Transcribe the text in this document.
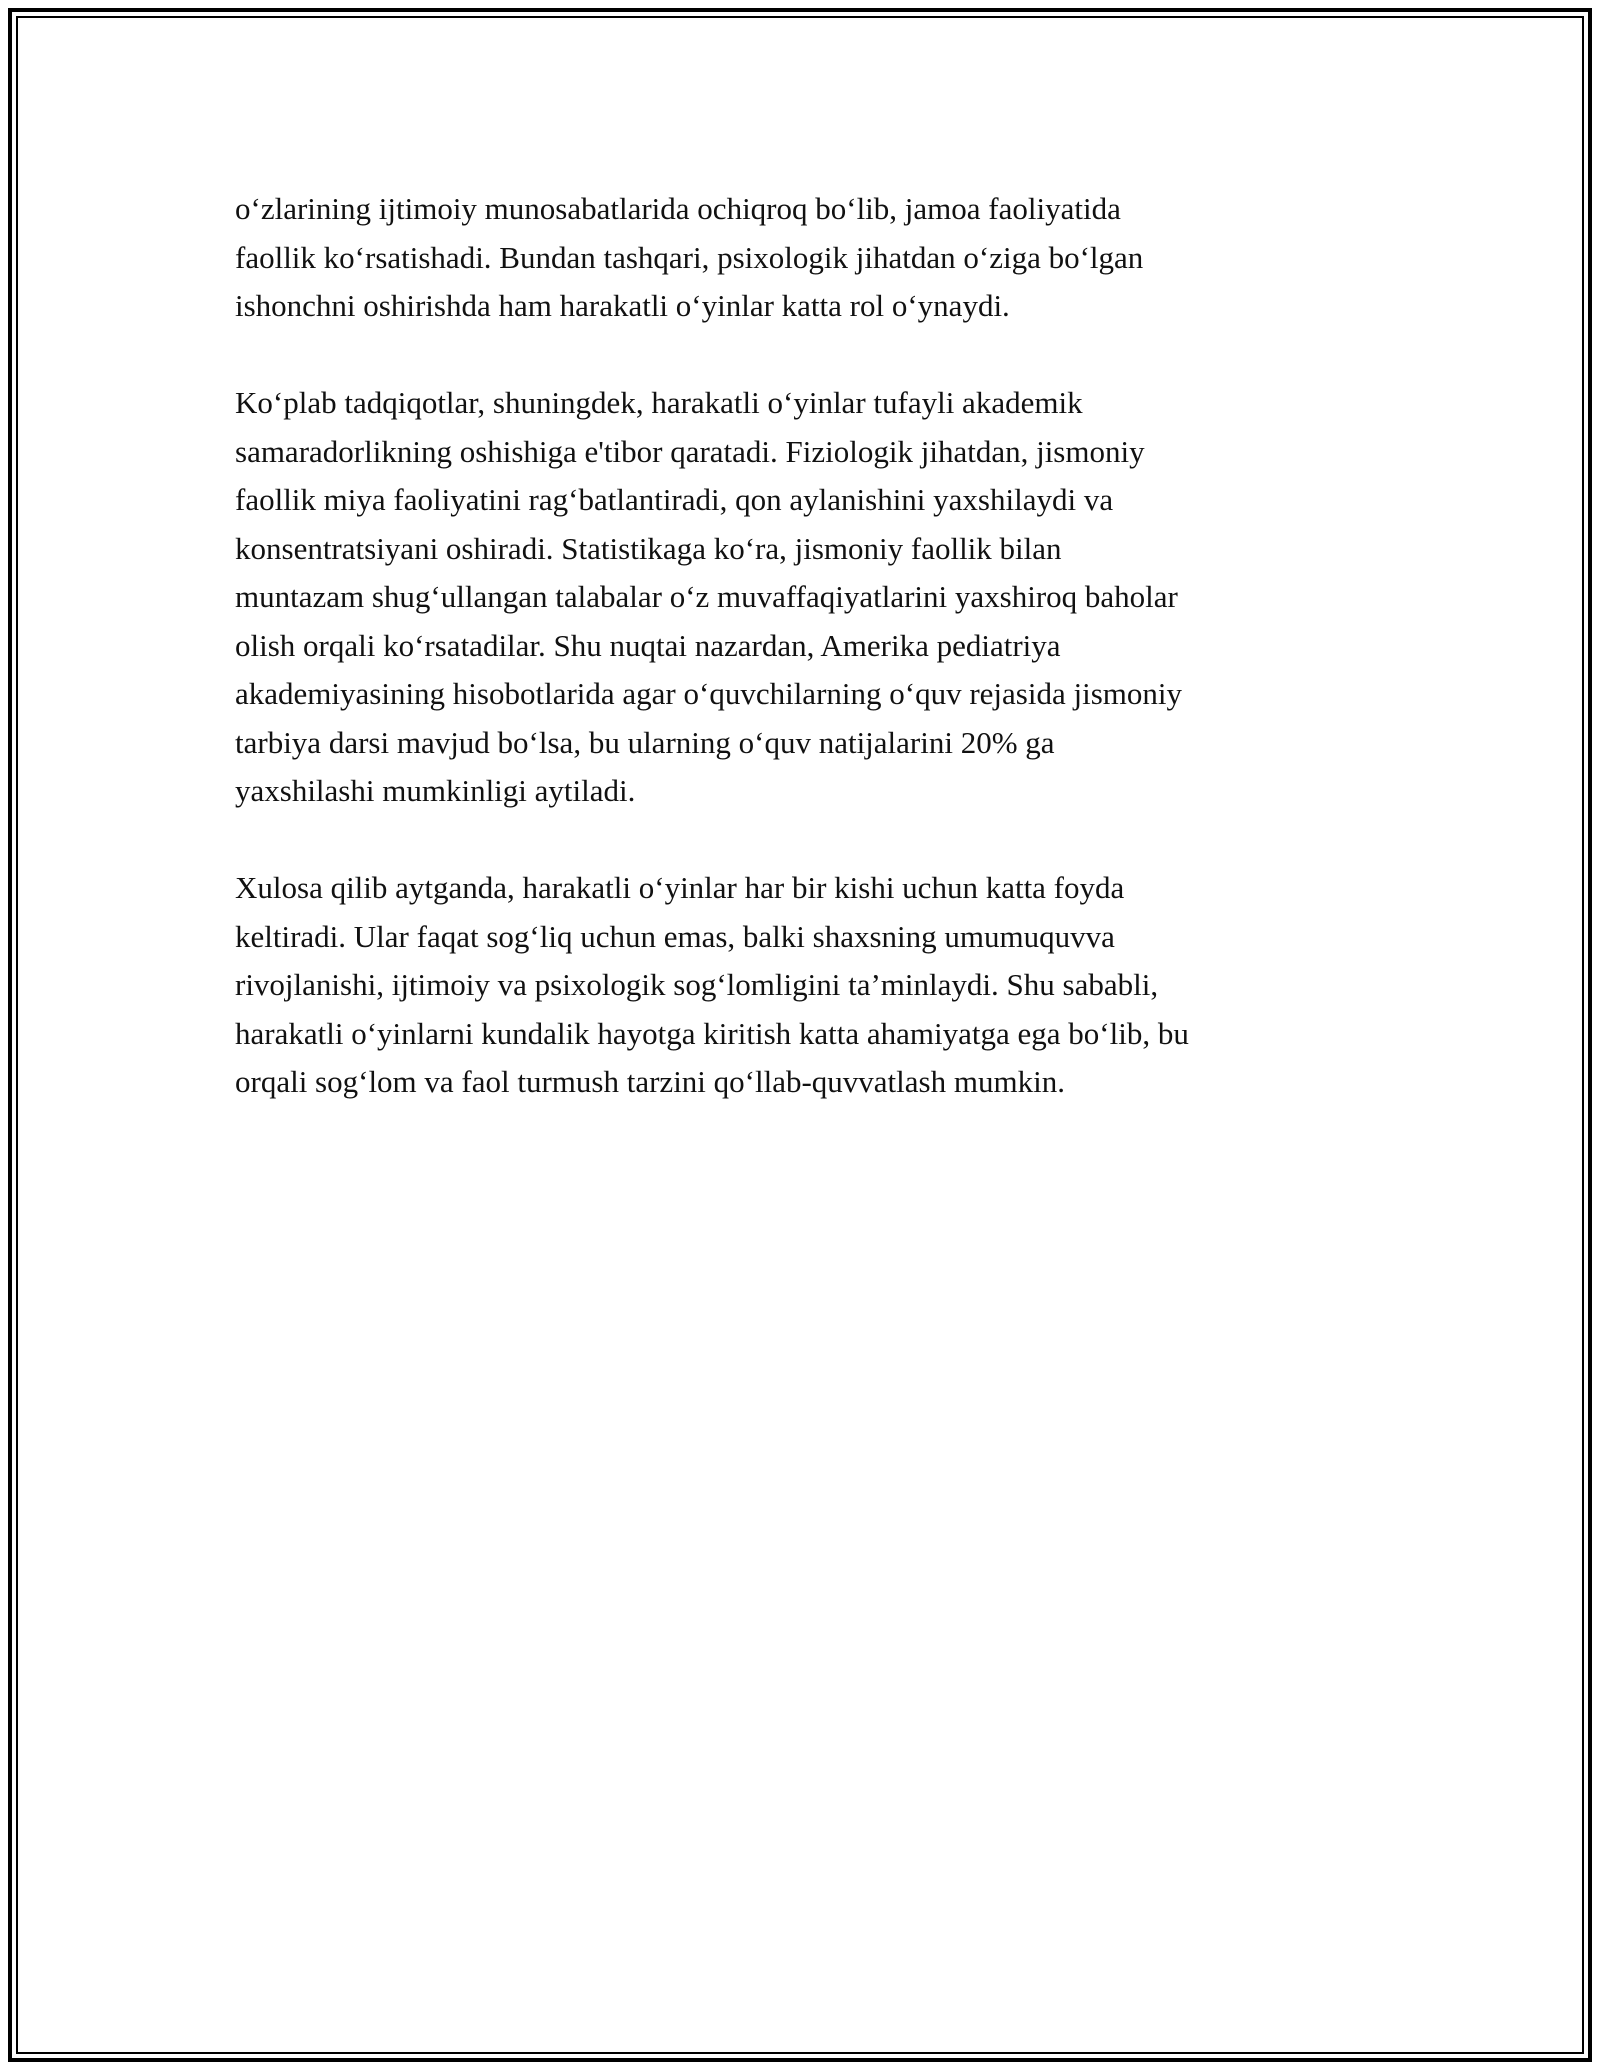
o‘zlarining ijtimoiy munosabatlarida ochiqroq bo‘lib, jamoa faoliyatida
faollik ko‘rsatishadi. Bundan tashqari, psixologik jihatdan o‘ziga bo‘lgan
ishonchni oshirishda ham harakatli o‘yinlar katta rol o‘ynaydi.

Ko‘plab tadqiqotlar, shuningdek, harakatli o‘yinlar tufayli akademik
samaradorlikning oshishiga e'tibor qaratadi. Fiziologik jihatdan, jismoniy
faollik miya faoliyatini rag‘batlantiradi, qon aylanishini yaxshilaydi va
konsentratsiyani oshiradi. Statistikaga ko‘ra, jismoniy faollik bilan
muntazam shug‘ullangan talabalar o‘z muvaffaqiyatlarini yaxshiroq baholar
olish orqali ko‘rsatadilar. Shu nuqtai nazardan, Amerika pediatriya
akademiyasining hisobotlarida agar o‘quvchilarning o‘quv rejasida jismoniy
tarbiya darsi mavjud bo‘lsa, bu ularning o‘quv natijalarini 20% ga
yaxshilashi mumkinligi aytiladi.

Xulosa qilib aytganda, harakatli o‘yinlar har bir kishi uchun katta foyda
keltiradi. Ular faqat sog‘liq uchun emas, balki shaxsning umumuquvva
rivojlanishi, ijtimoiy va psixologik sog‘lomligini ta’minlaydi. Shu sababli,
harakatli o‘yinlarni kundalik hayotga kiritish katta ahamiyatga ega bo‘lib, bu
orqali sog‘lom va faol turmush tarzini qo‘llab-quvvatlash mumkin.
